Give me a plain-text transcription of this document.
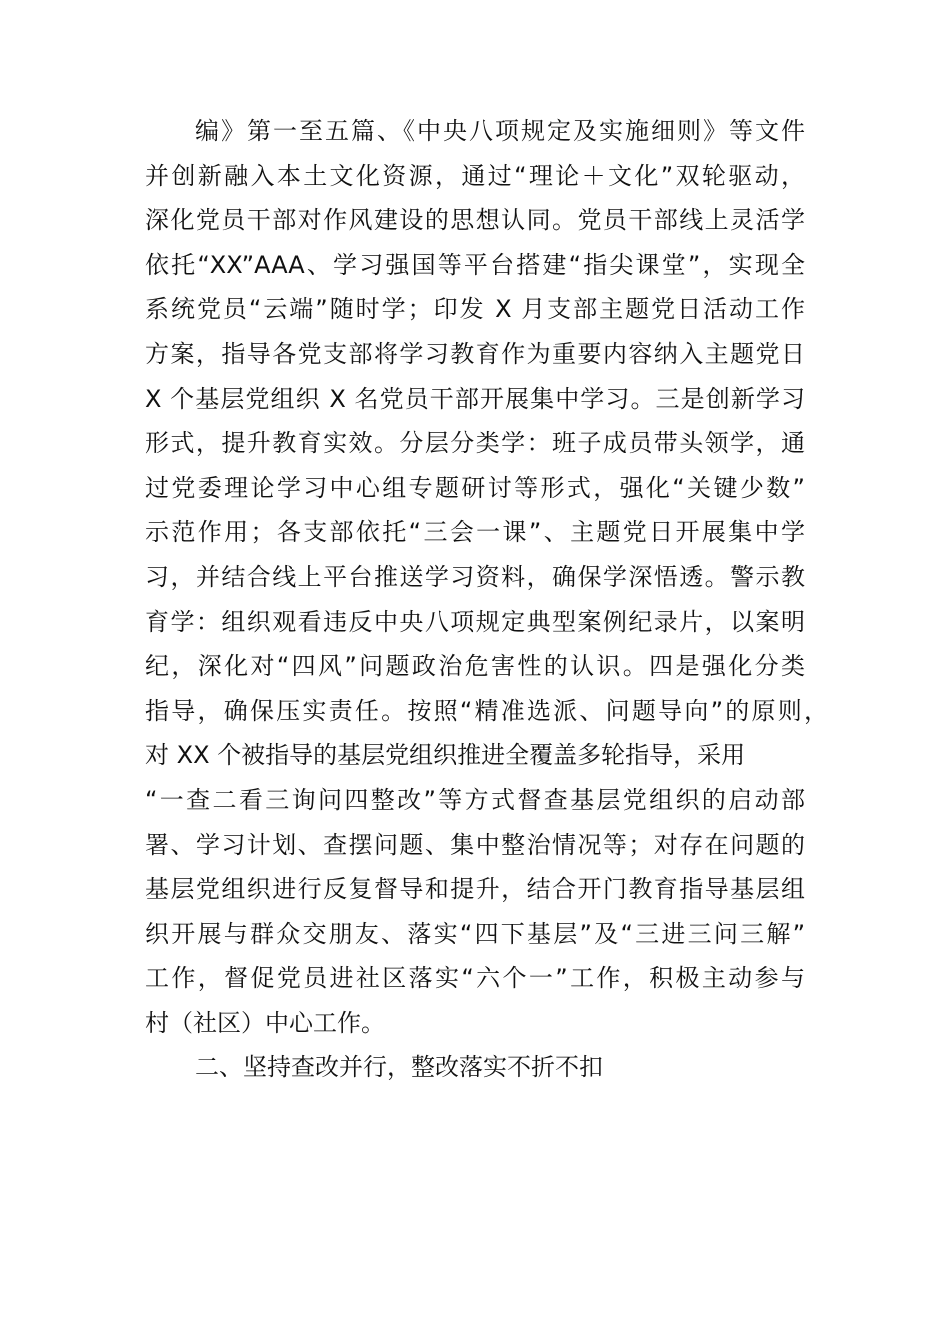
编》第一至五篇、《中央八项规定及实施细则》等文件
并创新融入本土文化资源，通过“理论＋文化”双轮驱动，
深化党员干部对作风建设的思想认同。党员干部线上灵活学
依托“XX”AAA、学习强国等平台搭建“指尖课堂”，实现全
系统党员“云端”随时学；印发 X 月支部主题党日活动工作
方案，指导各党支部将学习教育作为重要内容纳入主题党日
X 个基层党组织 X 名党员干部开展集中学习。三是创新学习
形式，提升教育实效。分层分类学：班子成员带头领学，通
过党委理论学习中心组专题研讨等形式，强化“关键少数”
示范作用；各支部依托“三会一课”、主题党日开展集中学
习，并结合线上平台推送学习资料，确保学深悟透。警示教
育学：组织观看违反中央八项规定典型案例纪录片，以案明
纪，深化对“四风”问题政治危害性的认识。四是强化分类
指导，确保压实责任。按照“精准选派、问题导向”的原则，
对 XX 个被指导的基层党组织推进全覆盖多轮指导，采用
“一查二看三询问四整改”等方式督查基层党组织的启动部
署、学习计划、查摆问题、集中整治情况等；对存在问题的
基层党组织进行反复督导和提升，结合开门教育指导基层组
织开展与群众交朋友、落实“四下基层”及“三进三问三解”
工作，督促党员进社区落实“六个一”工作，积极主动参与
村（社区）中心工作。
二、坚持查改并行，整改落实不折不扣
